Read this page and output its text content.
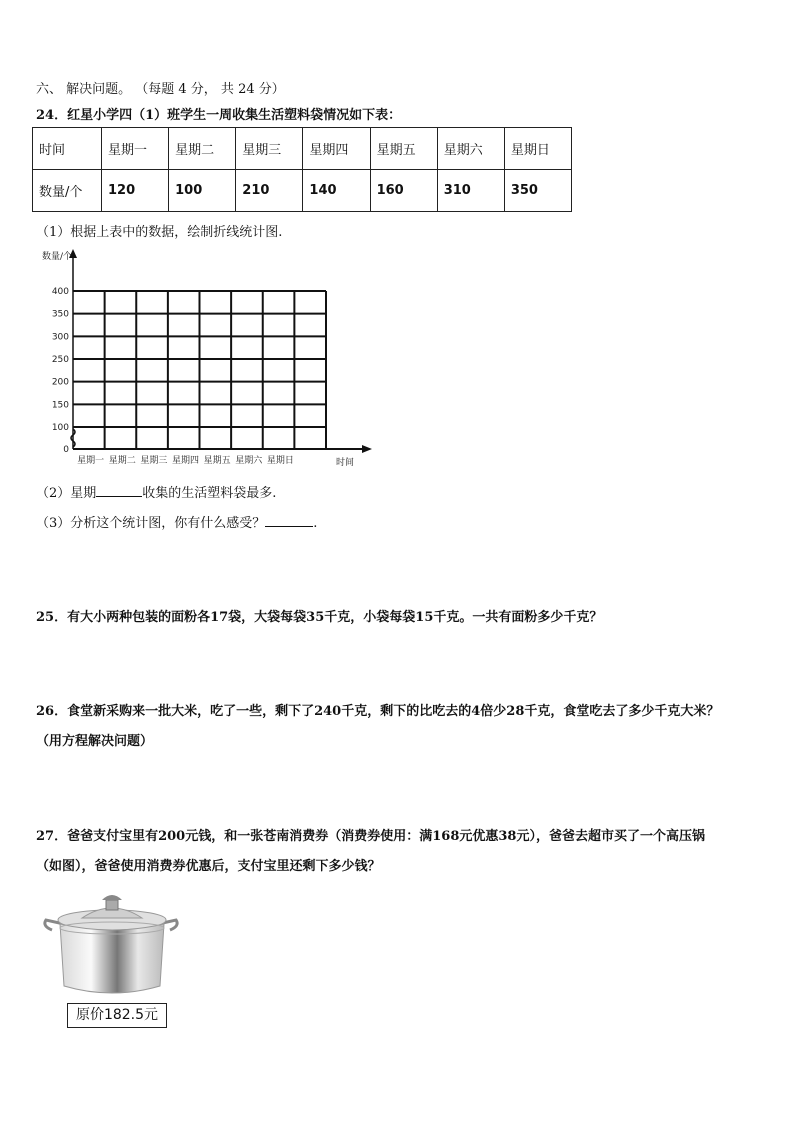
六、 解决问题。 （每题 4 分， 共 24 分）
24．红星小学四（1）班学生一周收集生活塑料袋情况如下表：
时间	星期一	星期二	星期三	星期四	星期五	星期六	星期日
数量/个	120	100	210	140	160	310	350
（1）根据上表中的数据，绘制折线统计图.
0
100
150
200
250
300
350
400
星期一 星期二 星期三 星期四 星期五 星期六 星期日
数量/个
时间
（2）星期	收集的生活塑料袋最多.
（3）分析这个统计图，你有什么感受？	.
25．有大小两种包装的面粉各17袋，大袋每袋35千克，小袋每袋15千克。一共有面粉多少千克？
26．食堂新采购来一批大米，吃了一些，剩下了240千克，剩下的比吃去的4倍少28千克，食堂吃去了多少千克大米？
（用方程解决问题）
27．爸爸支付宝里有200元钱，和一张苍南消费券（消费券使用：满168元优惠38元），爸爸去超市买了一个高压锅
（如图），爸爸使用消费券优惠后，支付宝里还剩下多少钱？
原价182.5元
